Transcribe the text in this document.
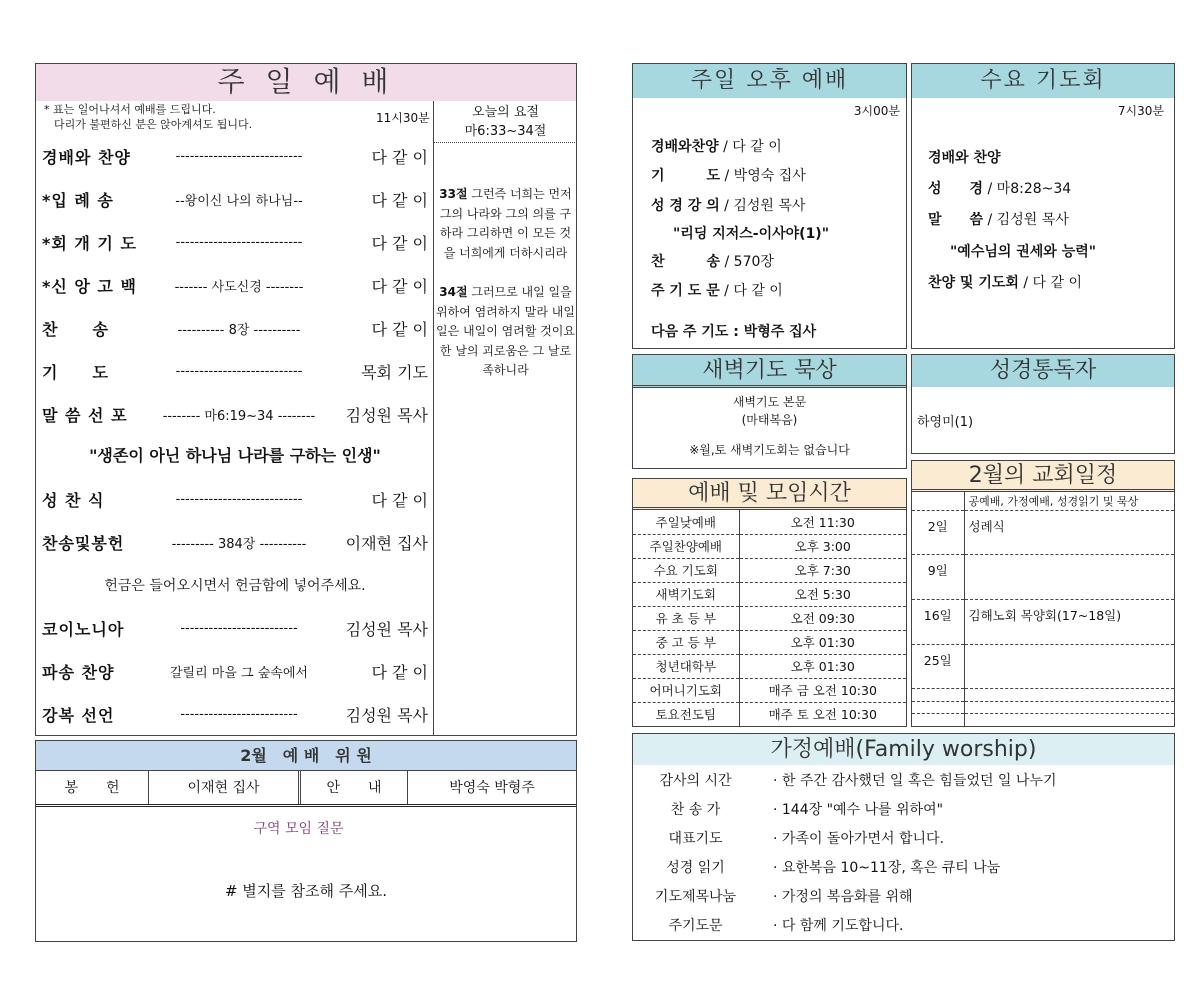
주 일 예 배
* 표는 일어나셔서 예배를 드립니다.
다리가 불편하신 분은 앉아계셔도 됩니다.	11시30분	오늘의 요절
마6:33~34절
33절 그런즉 너희는 먼저 그의 나라와 그의 의를 구하라 그리하면 이 모든 것을 너희에게 더하시리라
34절 그러므로 내일 일을 위하여 염려하지 말라 내일 일은 내일이 염려할 것이요 한 날의 괴로움은 그 날로 족하니라
경배와 찬양	---------------------------	다 같 이
*입 례 송	--왕이신 나의 하나님--	다 같 이
*회 개 기 도	---------------------------	다 같 이
*신 앙 고 백	------- 사도신경 --------	다 같 이
찬　　송	---------- 8장 ----------	다 같 이
기　　도	---------------------------	목회 기도
말 씀 선 포	-------- 마6:19~34 --------	김성원 목사
성 찬 식	---------------------------	다 같 이
찬송및봉헌	--------- 384장 ----------	이재현 집사
코이노니아	-------------------------	김성원 목사
파송 찬양	갈릴리 마을 그 숲속에서	다 같 이
강복 선언	-------------------------	김성원 목사
"생존이 아닌 하나님 나라를 구하는 인생"
헌금은 들어오시면서 헌금함에 넣어주세요.
2월　예 배　위 원
봉　　헌	이재현 집사	안　　내	박영숙 박형주
구역 모임 질문
# 별지를 참조해 주세요.
주일 오후 예배
3시00분
경배와찬양 / 다 같 이
기　　　도 / 박영숙 집사
성 경 강 의 / 김성원 목사
"리딩 지저스-이사야(1)"
찬　　　송 / 570장
주 기 도 문 / 다 같 이
다음 주 기도 : 박형주 집사
수요 기도회
7시30분
경배와 찬양
성　　경 / 마8:28~34
말　　씀 / 김성원 목사
"예수님의 권세와 능력"
찬양 및 기도회 / 다 같 이
새벽기도 묵상
새벽기도 본문
(마태복음)
※월,토 새벽기도회는 없습니다
성경통독자
하영미(1)
예배 및 모임시간
주일낮예배	오전 11:30
주일찬양예배	오후 3:00
수요 기도회	오후 7:30
새벽기도회	오전 5:30
유 초 등 부	오전 09:30
중 고 등 부	오후 01:30
청년대학부	오후 01:30
어머니기도회	매주 금 오전 10:30
토요전도팀	매주 토 오전 10:30
2월의 교회일정
	공예배, 가정예배, 성경읽기 및 묵상
2일	성례식
9일	
16일	김해노회 목양회(17~18일)
25일	

가정예배(Family worship)
감사의 시간	· 한 주간 감사했던 일 혹은 힘들었던 일 나누기
찬 송 가	· 144장 "예수 나를 위하여"
대표기도	· 가족이 돌아가면서 합니다.
성경 읽기	· 요한복음 10~11장, 혹은 큐티 나눔
기도제목나눔	· 가정의 복음화를 위해
주기도문	· 다 함께 기도합니다.
